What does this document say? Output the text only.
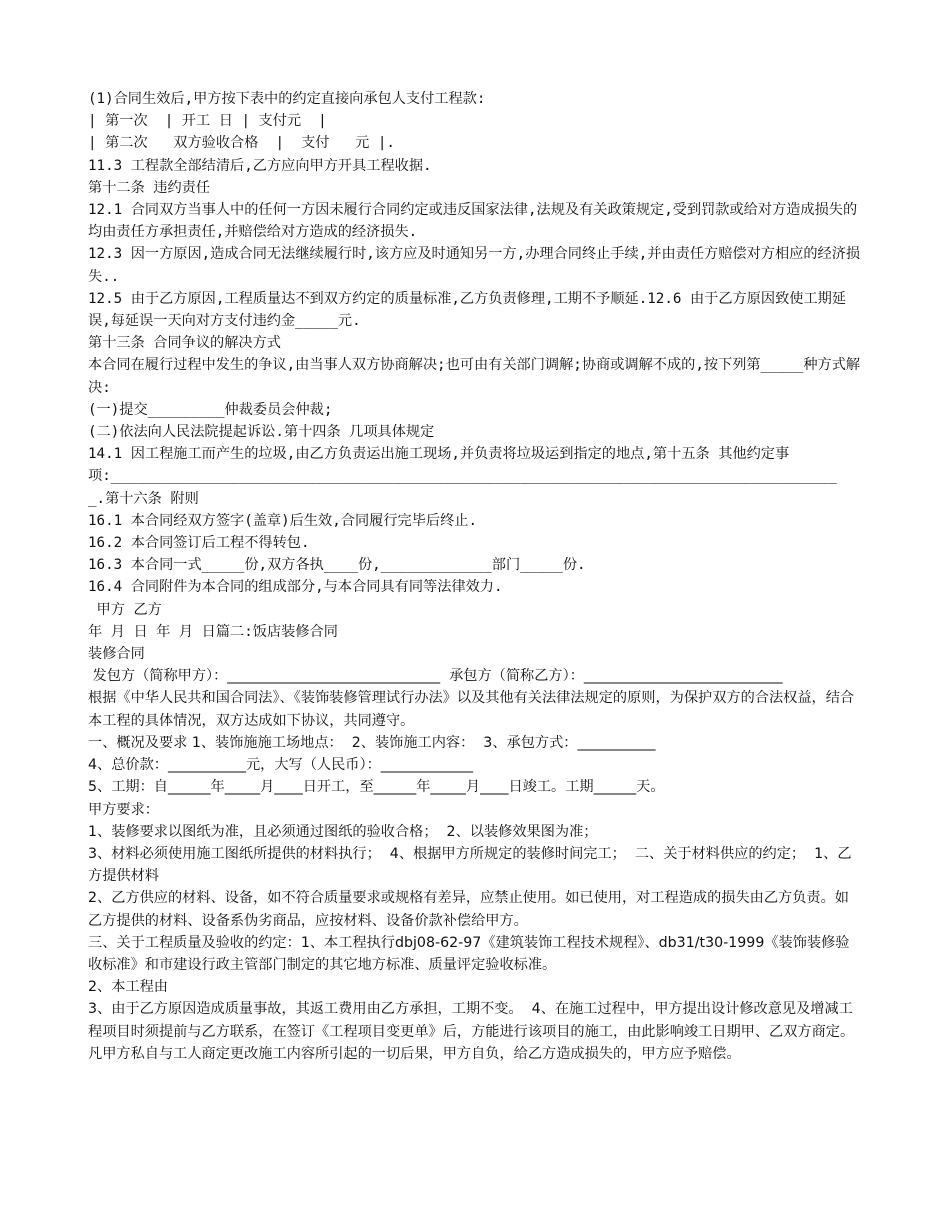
(1)合同生效后,甲方按下表中的约定直接向承包人支付工程款:

| 第一次  | 开工 日 | 支付元  |

| 第二次   双方验收合格  |  支付   元 |.

11.3 工程款全部结清后,乙方应向甲方开具工程收据.

第十二条 违约责任

12.1 合同双方当事人中的任何一方因未履行合同约定或违反国家法律,法规及有关政策规定,受到罚款或给对方造成损失的均由责任方承担责任,并赔偿给对方造成的经济损失.

12.3 因一方原因,造成合同无法继续履行时,该方应及时通知另一方,办理合同终止手续,并由责任方赔偿对方相应的经济损失..

12.5 由于乙方原因,工程质量达不到双方约定的质量标准,乙方负责修理,工期不予顺延.12.6 由于乙方原因致使工期延误,每延误一天向对方支付违约金_____元.

第十三条 合同争议的解决方式

本合同在履行过程中发生的争议,由当事人双方协商解决;也可由有关部门调解;协商或调解不成的,按下列第_____种方式解决:

(一)提交_________仲裁委员会仲裁;

(二)依法向人民法院提起诉讼.第十四条 几项具体规定

14.1 因工程施工而产生的垃圾,由乙方负责运出施工现场,并负责将垃圾运到指定的地点,第十五条 其他约定事

项:_____________________________________________________________________________________

_.第十六条 附则

16.1 本合同经双方签字(盖章)后生效,合同履行完毕后终止.

16.2 本合同签订后工程不得转包.

16.3 本合同一式_____份,双方各执____份,_____________部门_____份.

16.4 合同附件为本合同的组成部分,与本合同具有同等法律效力.

甲方 乙方

年 月 日 年 月 日篇二:饭店装修合同

装修合同

发包方（简称甲方）：______________________________  承包方（简称乙方）：____________________________

根据《中华人民共和国合同法》、《装饰装修管理试行办法》以及其他有关法律法规定的原则，为保护双方的合法权益，结合本工程的具体情况，双方达成如下协议，共同遵守。

一、概况及要求 1、装饰施施工场地点：  2、装饰施工内容：  3、承包方式：___________

4、总价款：___________元，大写（人民币）：_____________

5、工期：自______年_____月____日开工，至______年_____月____日竣工。工期______天。

甲方要求：

1、装修要求以图纸为准，且必须通过图纸的验收合格；  2、以装修效果图为准；

3、材料必须使用施工图纸所提供的材料执行；  4、根据甲方所规定的装修时间完工；  二、关于材料供应的约定；  1、乙方提供材料

2、乙方供应的材料、设备，如不符合质量要求或规格有差异，应禁止使用。如已使用，对工程造成的损失由乙方负责。如乙方提供的材料、设备系伪劣商品，应按材料、设备价款补偿给甲方。

三、关于工程质量及验收的约定：1、本工程执行dbj08-62-97《建筑装饰工程技术规程》、db31/t30-1999《装饰装修验收标准》和市建设行政主管部门制定的其它地方标准、质量评定验收标准。

2、本工程由

3、由于乙方原因造成质量事故，其返工费用由乙方承担，工期不变。  4、在施工过程中，甲方提出设计修改意见及增减工程项目时须提前与乙方联系，在签订《工程项目变更单》后，方能进行该项目的施工，由此影响竣工日期甲、乙双方商定。凡甲方私自与工人商定更改施工内容所引起的一切后果，甲方自负，给乙方造成损失的，甲方应予赔偿。
